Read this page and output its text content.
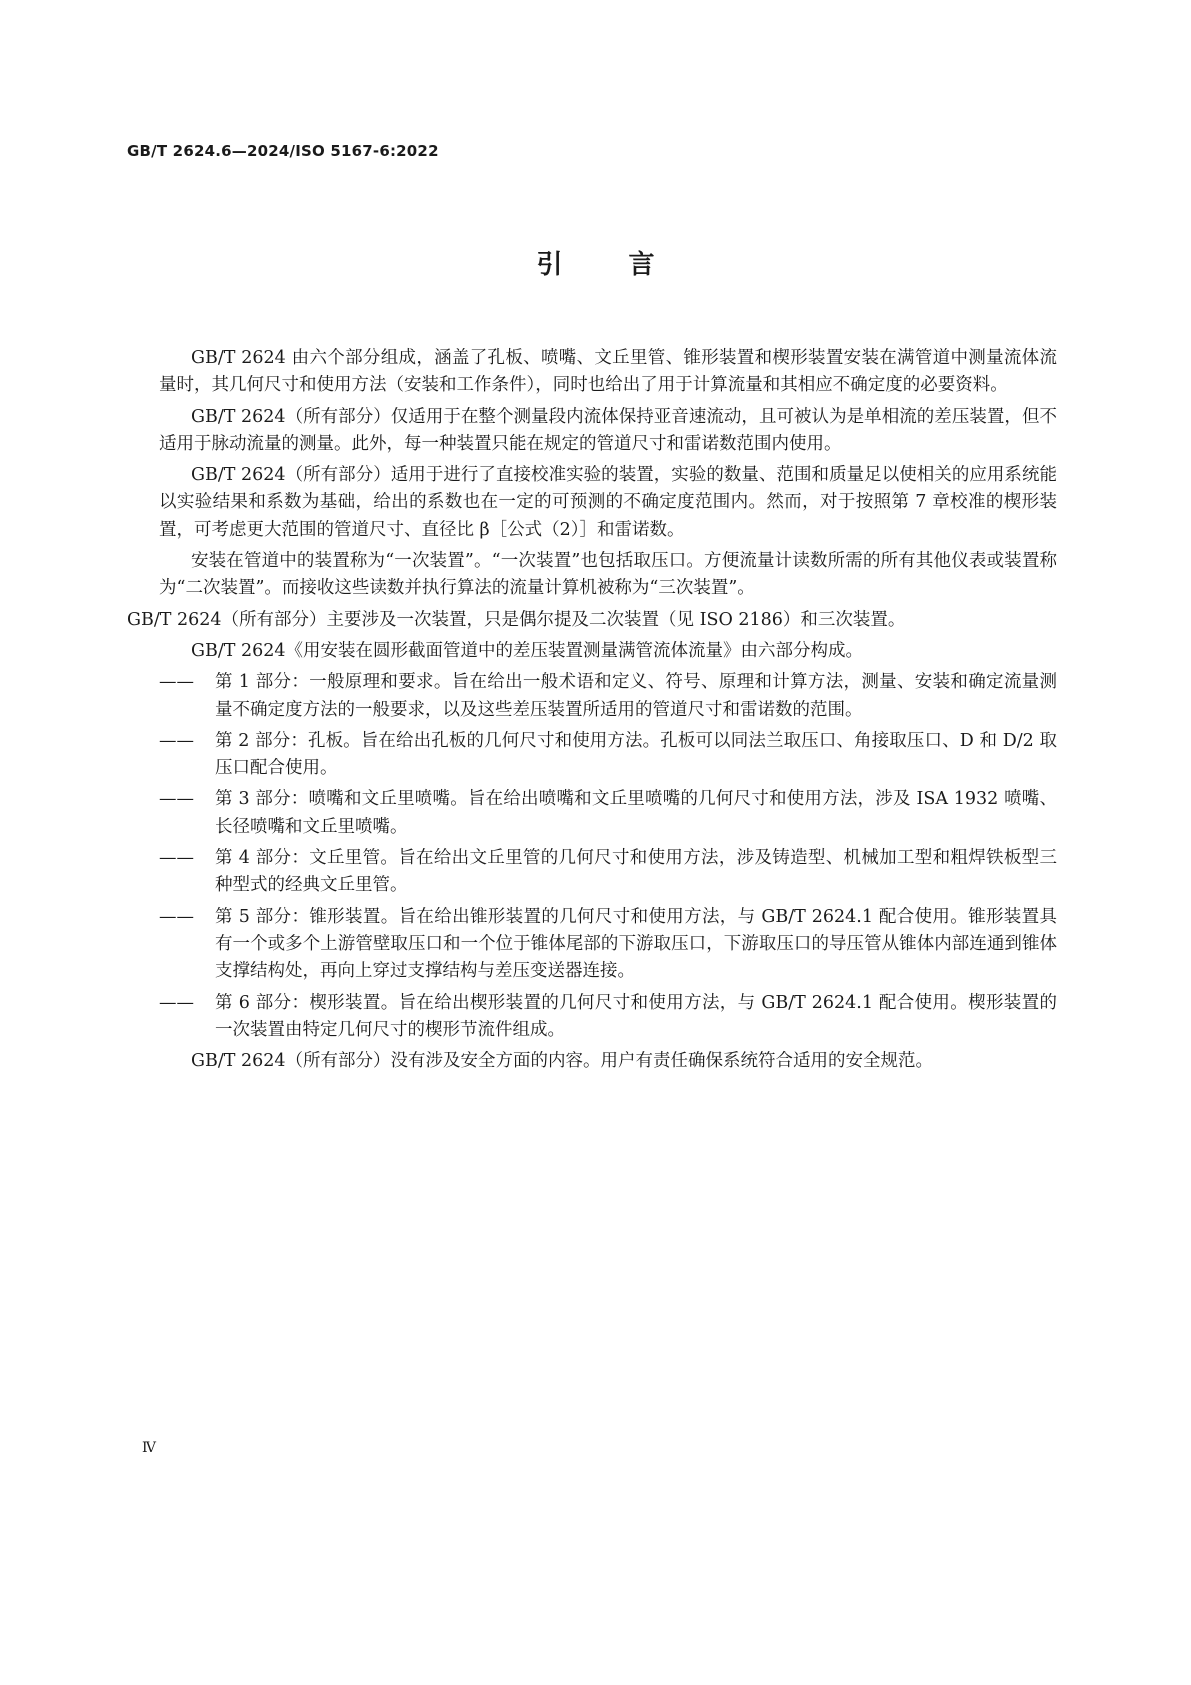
GB/T 2624.6—2024/ISO 5167-6:2022
引言

GB/T 2624 由六个部分组成，涵盖了孔板、喷嘴、文丘里管、锥形装置和楔形装置安装在满管道中测量流体流量时，其几何尺寸和使用方法（安装和工作条件），同时也给出了用于计算流量和其相应不确定度的必要资料。

GB/T 2624（所有部分）仅适用于在整个测量段内流体保持亚音速流动，且可被认为是单相流的差压装置，但不适用于脉动流量的测量。此外，每一种装置只能在规定的管道尺寸和雷诺数范围内使用。

GB/T 2624（所有部分）适用于进行了直接校准实验的装置，实验的数量、范围和质量足以使相关的应用系统能以实验结果和系数为基础，给出的系数也在一定的可预测的不确定度范围内。然而，对于按照第 7 章校准的楔形装置，可考虑更大范围的管道尺寸、直径比 β［公式（2）］和雷诺数。

安装在管道中的装置称为“一次装置”。“一次装置”也包括取压口。方便流量计读数所需的所有其他仪表或装置称为“二次装置”。而接收这些读数并执行算法的流量计算机被称为“三次装置”。

GB/T 2624（所有部分）主要涉及一次装置，只是偶尔提及二次装置（见 ISO 2186）和三次装置。

GB/T 2624《用安装在圆形截面管道中的差压装置测量满管流体流量》由六部分构成。

—— 第 1 部分：一般原理和要求。旨在给出一般术语和定义、符号、原理和计算方法，测量、安装和确定流量测量不确定度方法的一般要求，以及这些差压装置所适用的管道尺寸和雷诺数的范围。
—— 第 2 部分：孔板。旨在给出孔板的几何尺寸和使用方法。孔板可以同法兰取压口、角接取压口、D 和 D/2 取压口配合使用。
—— 第 3 部分：喷嘴和文丘里喷嘴。旨在给出喷嘴和文丘里喷嘴的几何尺寸和使用方法，涉及 ISA 1932 喷嘴、长径喷嘴和文丘里喷嘴。
—— 第 4 部分：文丘里管。旨在给出文丘里管的几何尺寸和使用方法，涉及铸造型、机械加工型和粗焊铁板型三种型式的经典文丘里管。
—— 第 5 部分：锥形装置。旨在给出锥形装置的几何尺寸和使用方法，与 GB/T 2624.1 配合使用。锥形装置具有一个或多个上游管壁取压口和一个位于锥体尾部的下游取压口，下游取压口的导压管从锥体内部连通到锥体支撑结构处，再向上穿过支撑结构与差压变送器连接。
—— 第 6 部分：楔形装置。旨在给出楔形装置的几何尺寸和使用方法，与 GB/T 2624.1 配合使用。楔形装置的一次装置由特定几何尺寸的楔形节流件组成。

GB/T 2624（所有部分）没有涉及安全方面的内容。用户有责任确保系统符合适用的安全规范。

Ⅳ
